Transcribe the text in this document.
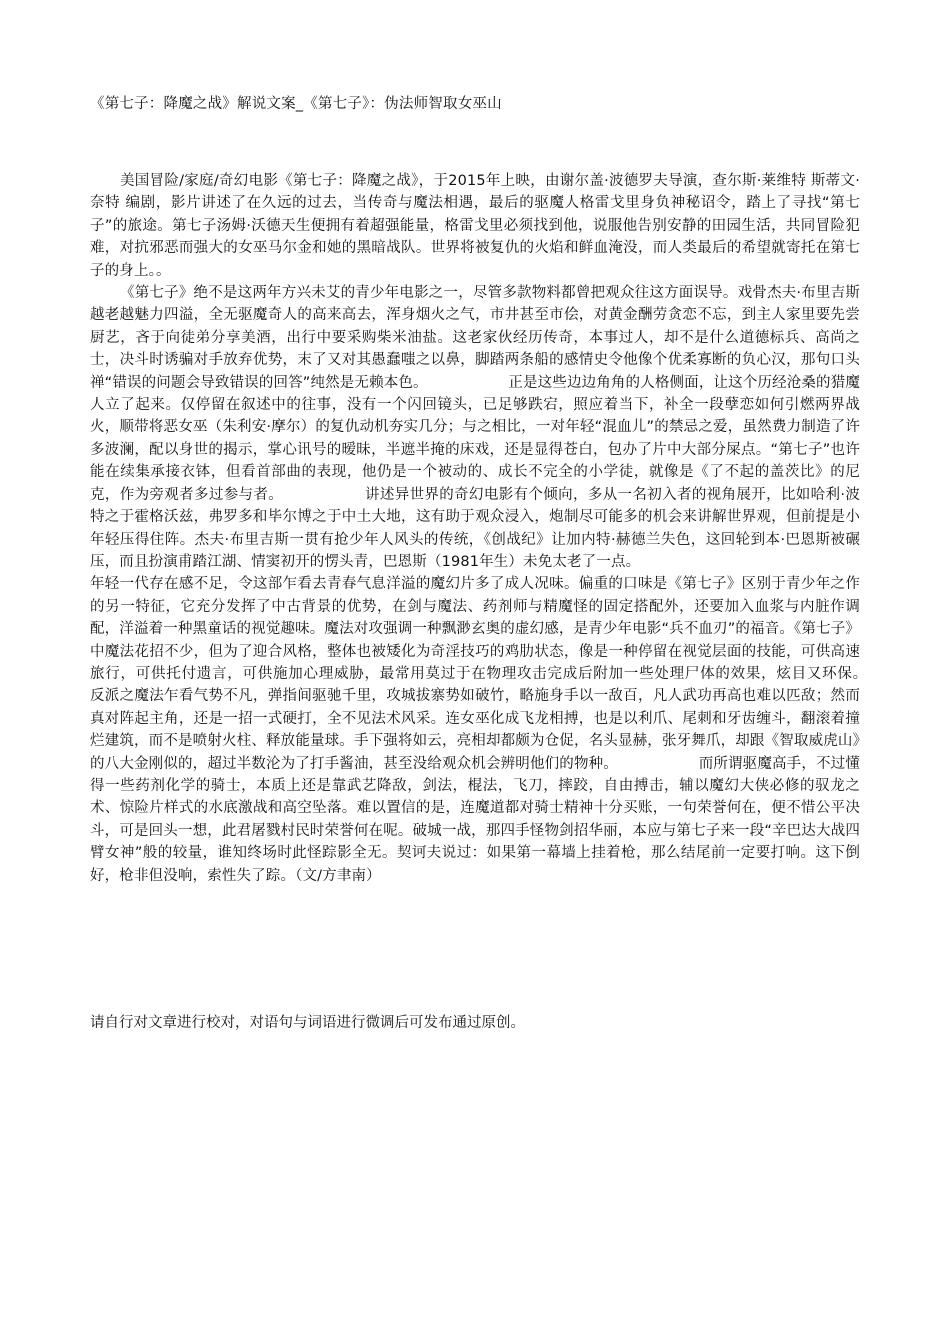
《第七子：降魔之战》解说文案_《第七子》：伪法师智取女巫山

美国冒险/家庭/奇幻电影《第七子：降魔之战》，于2015年上映，由谢尔盖·波德罗夫导演，查尔斯·莱维特 斯蒂文·奈特 编剧，影片讲述了在久远的过去，当传奇与魔法相遇，最后的驱魔人格雷戈里身负神秘诏令，踏上了寻找“第七子”的旅途。第七子汤姆·沃德天生便拥有着超强能量，格雷戈里必须找到他，说服他告别安静的田园生活，共同冒险犯难，对抗邪恶而强大的女巫马尔金和她的黑暗战队。世界将被复仇的火焰和鲜血淹没，而人类最后的希望就寄托在第七子的身上。。

《第七子》绝不是这两年方兴未艾的青少年电影之一，尽管多款物料都曾把观众往这方面误导。戏骨杰夫·布里吉斯越老越魅力四溢，全无驱魔奇人的高来高去，浑身烟火之气，市井甚至市侩，对黄金酬劳贪恋不忘，到主人家里要先尝厨艺，吝于向徒弟分享美酒，出行中要采购柴米油盐。这老家伙经历传奇，本事过人，却不是什么道德标兵、高尚之士，决斗时诱骗对手放弃优势，末了又对其愚蠢嗤之以鼻，脚踏两条船的感情史令他像个优柔寡断的负心汉，那句口头禅“错误的问题会导致错误的回答”纯然是无赖本色。　　　　　　正是这些边边角角的人格侧面，让这个历经沧桑的猎魔人立了起来。仅停留在叙述中的往事，没有一个闪回镜头，已足够跌宕，照应着当下，补全一段孽恋如何引燃两界战火，顺带将恶女巫（朱利安·摩尔）的复仇动机夯实几分；与之相比，一对年轻“混血儿”的禁忌之爱，虽然费力制造了许多波澜，配以身世的揭示，掌心讯号的暧昧，半遮半掩的床戏，还是显得苍白，包办了片中大部分屎点。“第七子”也许能在续集承接衣钵，但看首部曲的表现，他仍是一个被动的、成长不完全的小学徒，就像是《了不起的盖茨比》的尼克，作为旁观者多过参与者。　　　　　　讲述异世界的奇幻电影有个倾向，多从一名初入者的视角展开，比如哈利·波特之于霍格沃兹，弗罗多和毕尔博之于中土大地，这有助于观众浸入，炮制尽可能多的机会来讲解世界观，但前提是小年轻压得住阵。杰夫·布里吉斯一贯有抢少年人风头的传统，《创战纪》让加内特·赫德兰失色，这回轮到本·巴恩斯被碾压，而且扮演甫踏江湖、情窦初开的愣头青，巴恩斯（1981年生）未免太老了一点。

年轻一代存在感不足，令这部乍看去青春气息洋溢的魔幻片多了成人况味。偏重的口味是《第七子》区别于青少年之作的另一特征，它充分发挥了中古背景的优势，在剑与魔法、药剂师与精魔怪的固定搭配外，还要加入血浆与内脏作调配，洋溢着一种黑童话的视觉趣味。魔法对攻强调一种飘渺玄奥的虚幻感，是青少年电影“兵不血刃”的福音。《第七子》中魔法花招不少，但为了迎合风格，整体也被矮化为奇淫技巧的鸡肋状态，像是一种停留在视觉层面的技能，可供高速旅行，可供托付遗言，可供施加心理威胁，最常用莫过于在物理攻击完成后附加一些处理尸体的效果，炫目又环保。　　　　　　反派之魔法乍看气势不凡，弹指间驱驰千里，攻城拔寨势如破竹，略施身手以一敌百，凡人武功再高也难以匹敌；然而真对阵起主角，还是一招一式硬打，全不见法术风采。连女巫化成飞龙相搏，也是以利爪、尾刺和牙齿缠斗，翻滚着撞烂建筑，而不是喷射火柱、释放能量球。手下强将如云，亮相却都颇为仓促，名头显赫，张牙舞爪，却跟《智取威虎山》的八大金刚似的，超过半数沦为了打手酱油，甚至没给观众机会辨明他们的物种。　　　　　　而所谓驱魔高手，不过懂得一些药剂化学的骑士，本质上还是靠武艺降敌，剑法，棍法，飞刀，摔跤，自由搏击，辅以魔幻大侠必修的驭龙之术、惊险片样式的水底激战和高空坠落。难以置信的是，连魔道都对骑士精神十分买账，一句荣誉何在，便不惜公平决斗，可是回头一想，此君屠戮村民时荣誉何在呢。破城一战，那四手怪物剑招华丽，本应与第七子来一段“辛巴达大战四臂女神”般的较量，谁知终场时此怪踪影全无。契诃夫说过：如果第一幕墙上挂着枪，那么结尾前一定要打响。这下倒好，枪非但没响，索性失了踪。（文/方聿南）

请自行对文章进行校对，对语句与词语进行微调后可发布通过原创。
